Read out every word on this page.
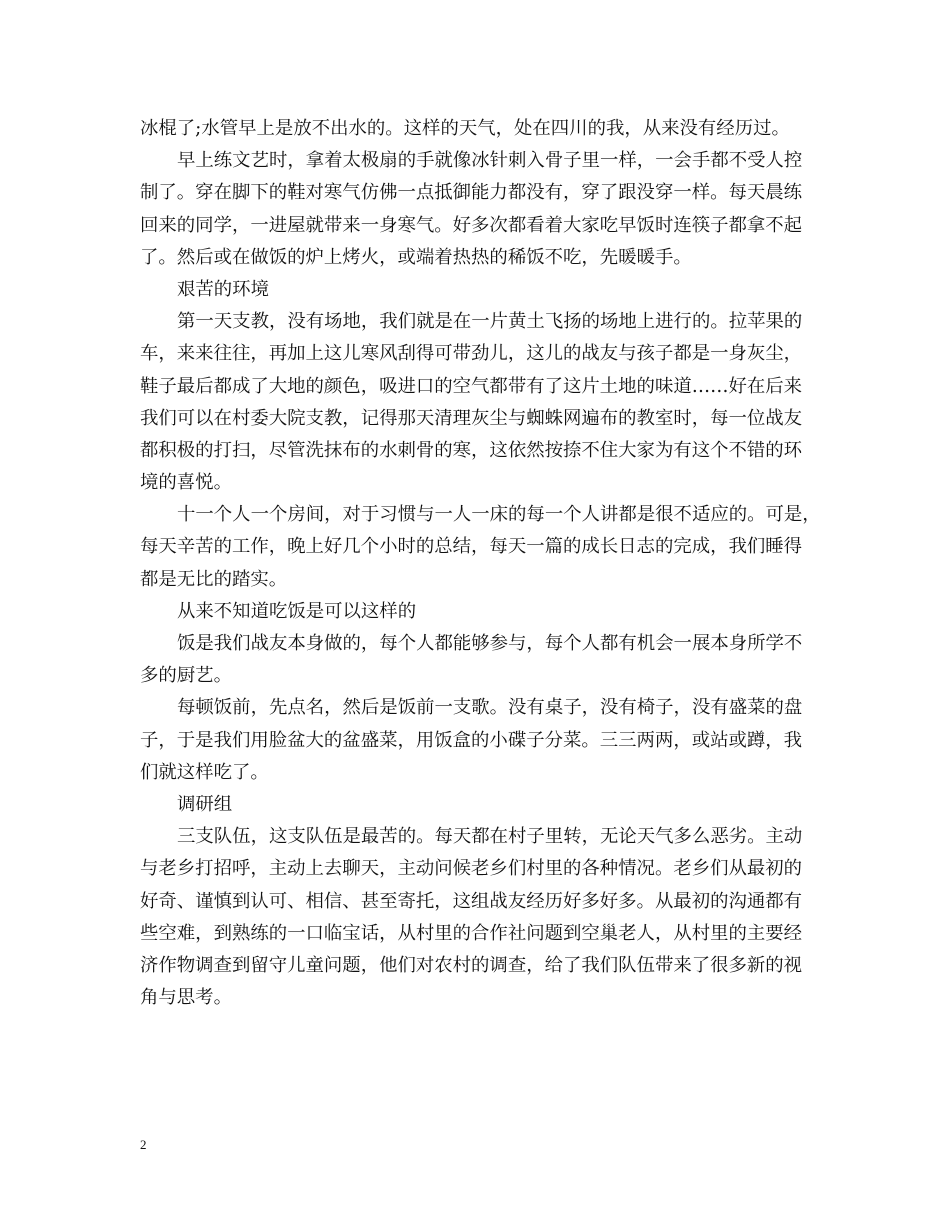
冰棍了;水管早上是放不出水的。这样的天气，处在四川的我，从来没有经历过。
早上练文艺时，拿着太极扇的手就像冰针刺入骨子里一样，一会手都不受人控
制了。穿在脚下的鞋对寒气仿佛一点抵御能力都没有，穿了跟没穿一样。每天晨练
回来的同学，一进屋就带来一身寒气。好多次都看着大家吃早饭时连筷子都拿不起
了。然后或在做饭的炉上烤火，或端着热热的稀饭不吃，先暖暖手。
艰苦的环境
第一天支教，没有场地，我们就是在一片黄土飞扬的场地上进行的。拉苹果的
车，来来往往，再加上这儿寒风刮得可带劲儿，这儿的战友与孩子都是一身灰尘，
鞋子最后都成了大地的颜色，吸进口的空气都带有了这片土地的味道……好在后来
我们可以在村委大院支教，记得那天清理灰尘与蜘蛛网遍布的教室时，每一位战友
都积极的打扫，尽管洗抹布的水刺骨的寒，这依然按捺不住大家为有这个不错的环
境的喜悦。
十一个人一个房间，对于习惯与一人一床的每一个人讲都是很不适应的。可是，
每天辛苦的工作，晚上好几个小时的总结，每天一篇的成长日志的完成，我们睡得
都是无比的踏实。
从来不知道吃饭是可以这样的
饭是我们战友本身做的，每个人都能够参与，每个人都有机会一展本身所学不
多的厨艺。
每顿饭前，先点名，然后是饭前一支歌。没有桌子，没有椅子，没有盛菜的盘
子，于是我们用脸盆大的盆盛菜，用饭盒的小碟子分菜。三三两两，或站或蹲，我
们就这样吃了。
调研组
三支队伍，这支队伍是最苦的。每天都在村子里转，无论天气多么恶劣。主动
与老乡打招呼，主动上去聊天，主动问候老乡们村里的各种情况。老乡们从最初的
好奇、谨慎到认可、相信、甚至寄托，这组战友经历好多好多。从最初的沟通都有
些空难，到熟练的一口临宝话，从村里的合作社问题到空巢老人，从村里的主要经
济作物调查到留守儿童问题，他们对农村的调查，给了我们队伍带来了很多新的视
角与思考。
2
